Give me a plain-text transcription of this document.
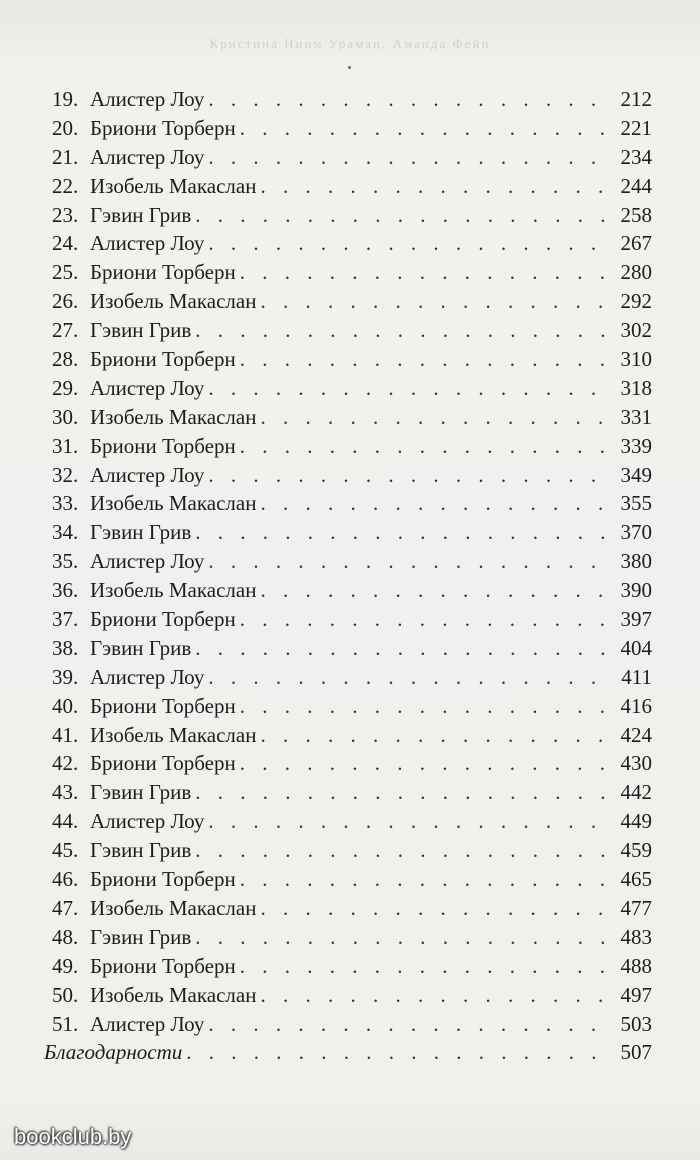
Кристина Ниим Ураман, Аманда Фейн
19. Алистер Лоу . . .	212
20. Бриони Торберн . . .	221
21. Алистер Лоу . . .	234
22. Изобель Макаслан . . .	244
23. Гэвин Грив . . .	258
24. Алистер Лоу . . .	267
25. Бриони Торберн . . .	280
26. Изобель Макаслан . . .	292
27. Гэвин Грив . . .	302
28. Бриони Торберн . . .	310
29. Алистер Лоу . . .	318
30. Изобель Макаслан . . .	331
31. Бриони Торберн . . .	339
32. Алистер Лоу . . .	349
33. Изобель Макаслан . . .	355
34. Гэвин Грив . . .	370
35. Алистер Лоу . . .	380
36. Изобель Макаслан . . .	390
37. Бриони Торберн . . .	397
38. Гэвин Грив . . .	404
39. Алистер Лоу . . .	411
40. Бриони Торберн . . .	416
41. Изобель Макаслан . . .	424
42. Бриони Торберн . . .	430
43. Гэвин Грив . . .	442
44. Алистер Лоу . . .	449
45. Гэвин Грив . . .	459
46. Бриони Торберн . . .	465
47. Изобель Макаслан . . .	477
48. Гэвин Грив . . .	483
49. Бриони Торберн . . .	488
50. Изобель Макаслан . . .	497
51. Алистер Лоу . . .	503
Благодарности . . .	507
bookclub.by
